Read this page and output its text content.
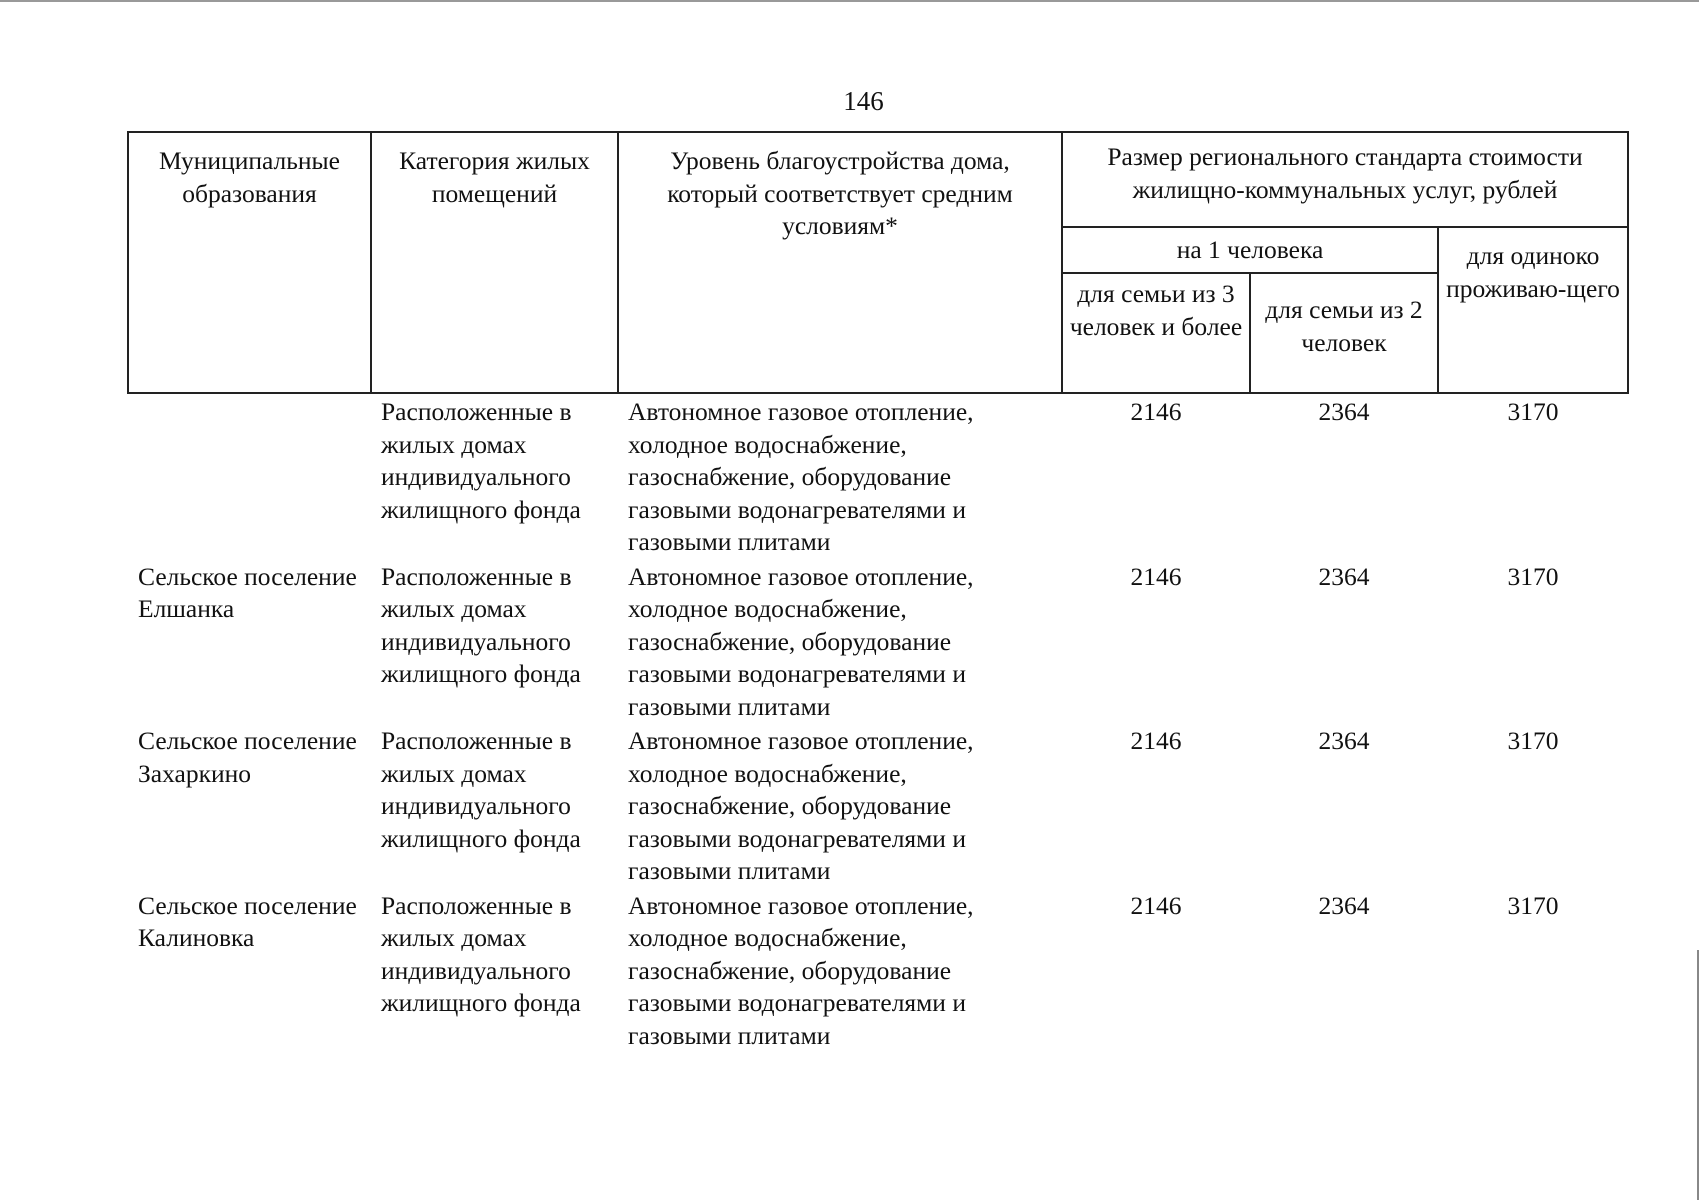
146
Муниципальные образования	Категория жилых помещений	Уровень благоустройства дома, который соответствует средним условиям*	Размер регионального стандарта стоимости жилищно-коммунальных услуг, рублей		
			на 1 человека		для одиноко проживаю-щего
			для семьи из 3 человек и более	для семьи из 2 человек	
	Расположенные в жилых домах индивидуального жилищного фонда	Автономное газовое отопление, холодное водоснабжение, газоснабжение, оборудование газовыми водонагревателями и газовыми плитами	2146	2364	3170
Сельское поселение Елшанка	Расположенные в жилых домах индивидуального жилищного фонда	Автономное газовое отопление, холодное водоснабжение, газоснабжение, оборудование газовыми водонагревателями и газовыми плитами	2146	2364	3170
Сельское поселение Захаркино	Расположенные в жилых домах индивидуального жилищного фонда	Автономное газовое отопление, холодное водоснабжение, газоснабжение, оборудование газовыми водонагревателями и газовыми плитами	2146	2364	3170
Сельское поселение Калиновка	Расположенные в жилых домах индивидуального жилищного фонда	Автономное газовое отопление, холодное водоснабжение, газоснабжение, оборудование газовыми водонагревателями и газовыми плитами	2146	2364	3170
